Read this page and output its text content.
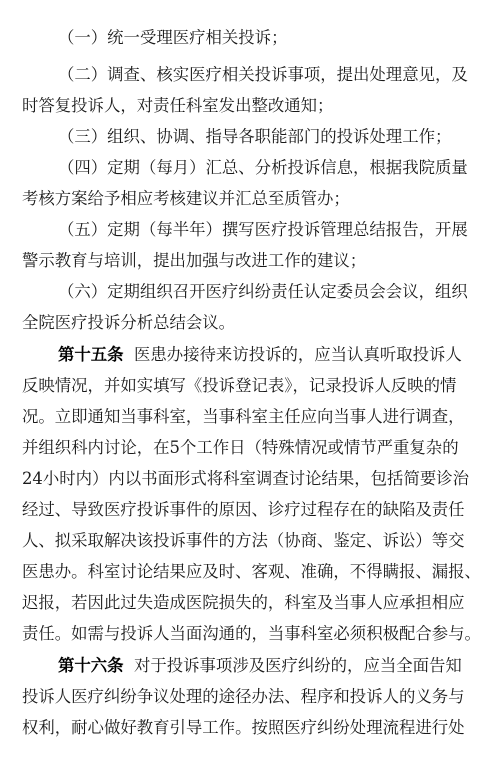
（一）统一受理医疗相关投诉；
（二）调查、核实医疗相关投诉事项，提出处理意见，及
时答复投诉人，对责任科室发出整改通知；
（三）组织、协调、指导各职能部门的投诉处理工作；
（四）定期（每月）汇总、分析投诉信息，根据我院质量
考核方案给予相应考核建议并汇总至质管办；
（五）定期（每半年）撰写医疗投诉管理总结报告，开展
警示教育与培训，提出加强与改进工作的建议；
（六）定期组织召开医疗纠纷责任认定委员会会议，组织
全院医疗投诉分析总结会议。
第十五条 医患办接待来访投诉的，应当认真听取投诉人
反映情况，并如实填写《投诉登记表》，记录投诉人反映的情
况。立即通知当事科室，当事科室主任应向当事人进行调查，
并组织科内讨论，在5个工作日（特殊情况或情节严重复杂的
24小时内）内以书面形式将科室调查讨论结果，包括简要诊治
经过、导致医疗投诉事件的原因、诊疗过程存在的缺陷及责任
人、拟采取解决该投诉事件的方法（协商、鉴定、诉讼）等交
医患办。科室讨论结果应及时、客观、准确，不得瞒报、漏报、
迟报，若因此过失造成医院损失的，科室及当事人应承担相应
责任。如需与投诉人当面沟通的，当事科室必须积极配合参与。
第十六条 对于投诉事项涉及医疗纠纷的，应当全面告知
投诉人医疗纠纷争议处理的途径办法、程序和投诉人的义务与
权利，耐心做好教育引导工作。按照医疗纠纷处理流程进行处
